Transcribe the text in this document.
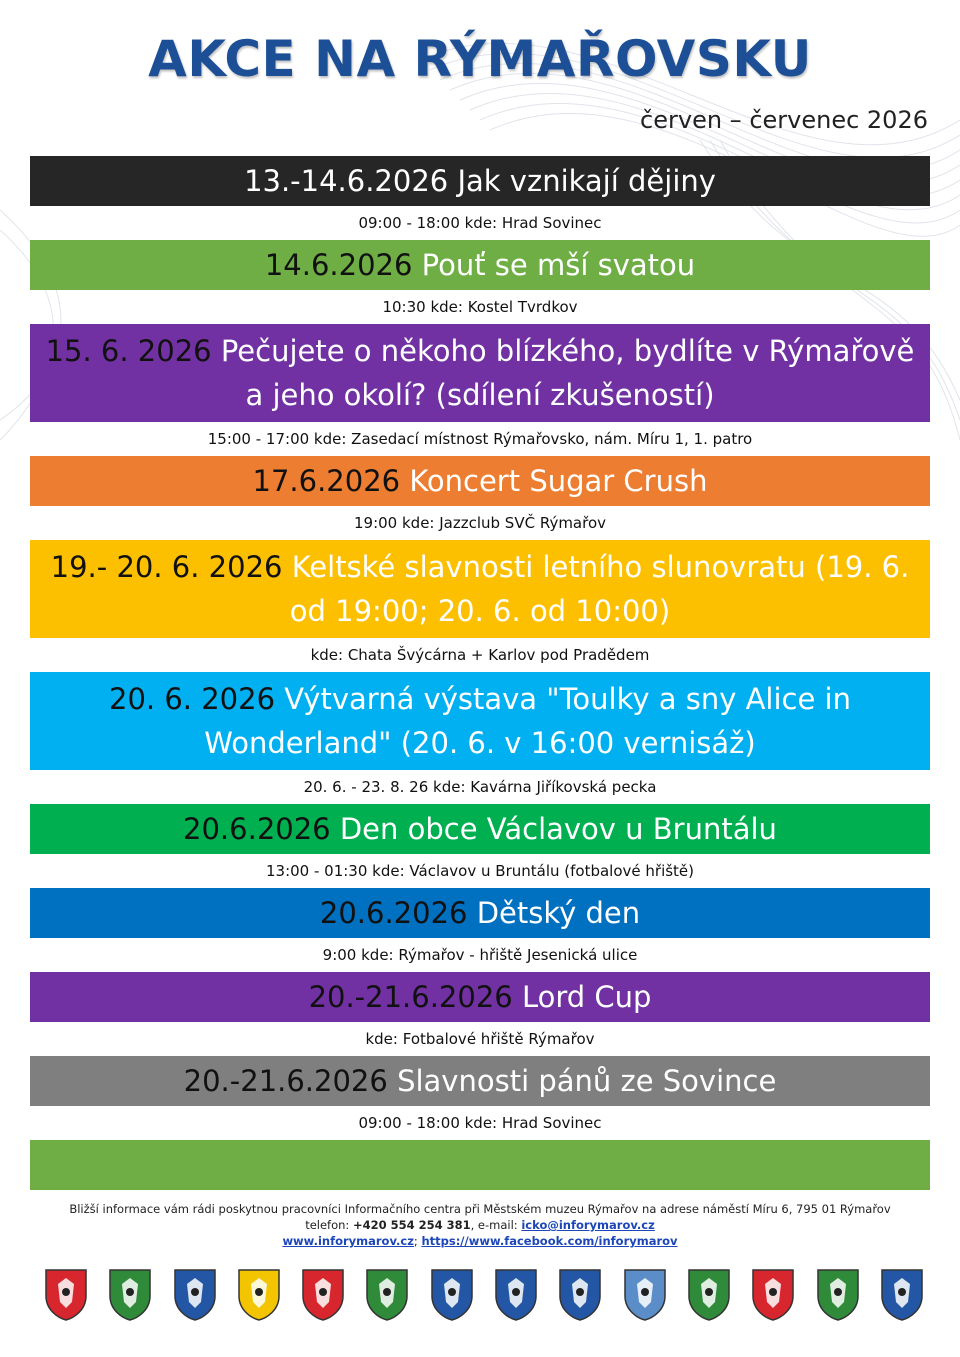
AKCE NA RÝMAŘOVSKU
červen – červenec 2026
13.-14.6.2026 Jak vznikají dějiny
09:00 - 18:00 kde: Hrad Sovinec
14.6.2026 Pouť se mší svatou
10:30 kde: Kostel Tvrdkov
15. 6. 2026 Pečujete o někoho blízkého, bydlíte v Rýmařově a jeho okolí? (sdílení zkušeností)
15:00 - 17:00 kde: Zasedací místnost Rýmařovsko, nám. Míru 1, 1. patro
17.6.2026 Koncert Sugar Crush
19:00 kde: Jazzclub SVČ Rýmařov
19.- 20. 6. 2026 Keltské slavnosti letního slunovratu (19. 6. od 19:00; 20. 6. od 10:00)
kde: Chata Švýcárna + Karlov pod Pradědem
20. 6. 2026 Výtvarná výstava "Toulky a sny Alice in Wonderland" (20. 6. v 16:00 vernisáž)
20. 6. - 23. 8. 26 kde: Kavárna Jiříkovská pecka
20.6.2026 Den obce Václavov u Bruntálu
13:00 - 01:30 kde: Václavov u Bruntálu (fotbalové hřiště)
20.6.2026 Dětský den
9:00 kde: Rýmařov - hřiště Jesenická ulice
20.-21.6.2026 Lord Cup
kde: Fotbalové hřiště Rýmařov
20.-21.6.2026 Slavnosti pánů ze Sovince
09:00 - 18:00 kde: Hrad Sovinec
Bližší informace vám rádi poskytnou pracovníci Informačního centra při Městském muzeu Rýmařov na adrese náměstí Míru 6, 795 01 Rýmařov
telefon: +420 554 254 381, e-mail: icko@inforymarov.cz
www.inforymarov.cz; https://www.facebook.com/inforymarov
